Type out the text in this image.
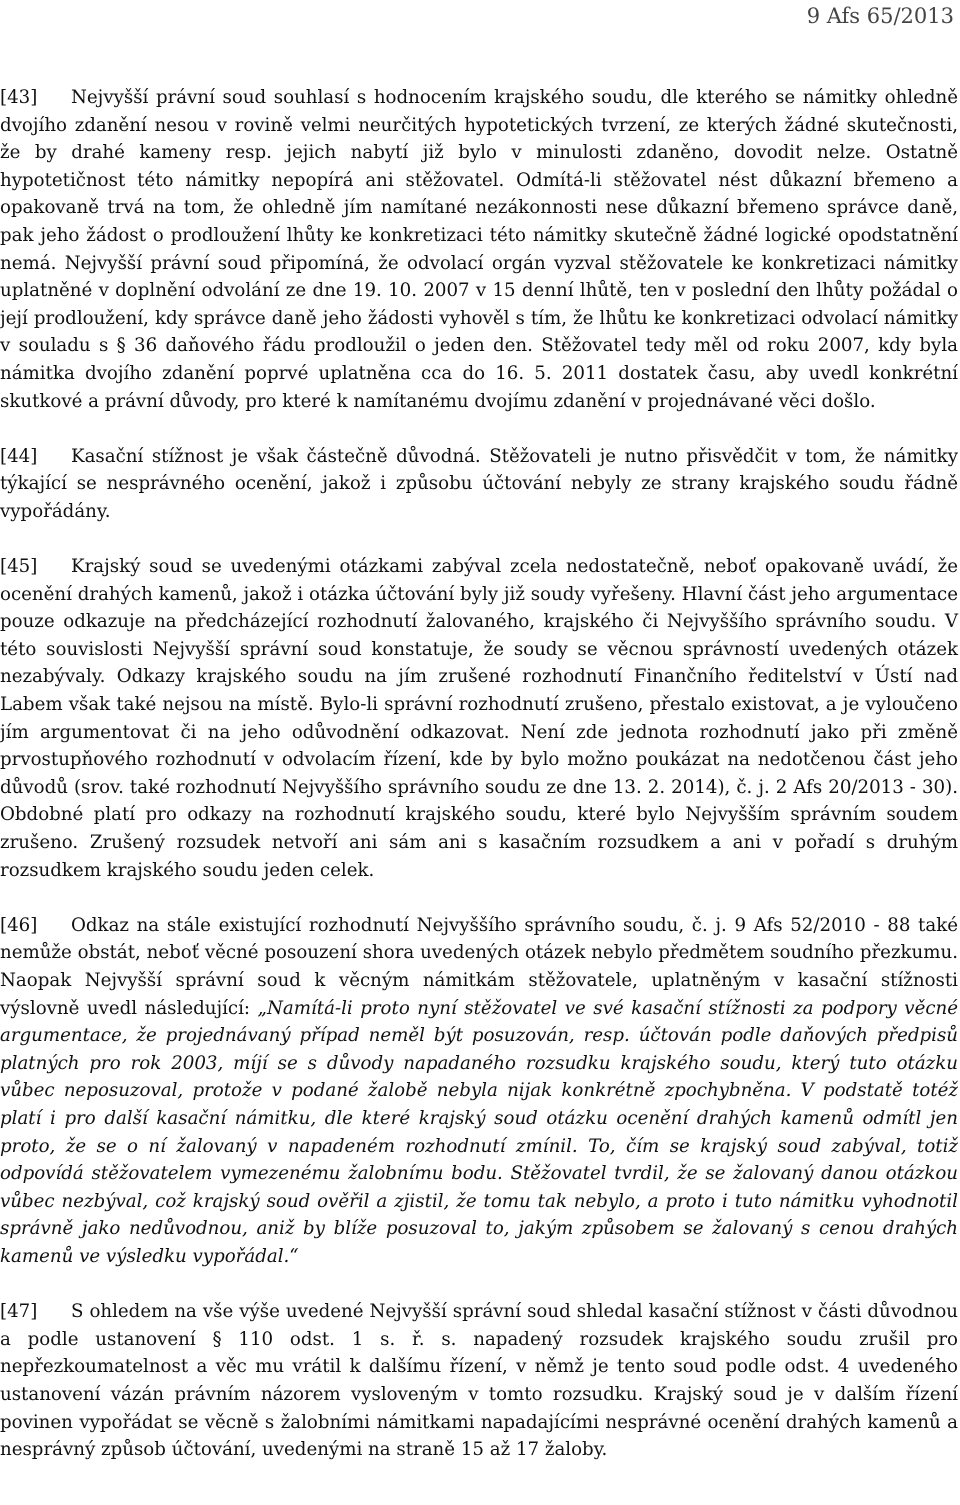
9 Afs 65/2013

[43] Nejvyšší právní soud souhlasí s hodnocením krajského soudu, dle kterého se námitky ohledně dvojího zdanění nesou v rovině velmi neurčitých hypotetických tvrzení, ze kterých žádné skutečnosti, že by drahé kameny resp. jejich nabytí již bylo v minulosti zdaněno, dovodit nelze. Ostatně hypotetičnost této námitky nepopírá ani stěžovatel. Odmítá-li stěžovatel nést důkazní břemeno a opakovaně trvá na tom, že ohledně jím namítané nezákonnosti nese důkazní břemeno správce daně, pak jeho žádost o prodloužení lhůty ke konkretizaci této námitky skutečně žádné logické opodstatnění nemá. Nejvyšší právní soud připomíná, že odvolací orgán vyzval stěžovatele ke konkretizaci námitky uplatněné v doplnění odvolání ze dne 19. 10. 2007 v 15 denní lhůtě, ten v poslední den lhůty požádal o její prodloužení, kdy správce daně jeho žádosti vyhověl s tím, že lhůtu ke konkretizaci odvolací námitky v souladu s § 36 daňového řádu prodloužil o jeden den. Stěžovatel tedy měl od roku 2007, kdy byla námitka dvojího zdanění poprvé uplatněna cca do 16. 5. 2011 dostatek času, aby uvedl konkrétní skutkové a právní důvody, pro které k namítanému dvojímu zdanění v projednávané věci došlo.

[44] Kasační stížnost je však částečně důvodná. Stěžovateli je nutno přisvědčit v tom, že námitky týkající se nesprávného ocenění, jakož i způsobu účtování nebyly ze strany krajského soudu řádně vypořádány.

[45] Krajský soud se uvedenými otázkami zabýval zcela nedostatečně, neboť opakovaně uvádí, že ocenění drahých kamenů, jakož i otázka účtování byly již soudy vyřešeny. Hlavní část jeho argumentace pouze odkazuje na předcházející rozhodnutí žalovaného, krajského či Nejvyššího správního soudu. V této souvislosti Nejvyšší správní soud konstatuje, že soudy se věcnou správností uvedených otázek nezabývaly. Odkazy krajského soudu na jím zrušené rozhodnutí Finančního ředitelství v Ústí nad Labem však také nejsou na místě. Bylo-li správní rozhodnutí zrušeno, přestalo existovat, a je vyloučeno jím argumentovat či na jeho odůvodnění odkazovat. Není zde jednota rozhodnutí jako při změně prvostupňového rozhodnutí v odvolacím řízení, kde by bylo možno poukázat na nedotčenou část jeho důvodů (srov. také rozhodnutí Nejvyššího správního soudu ze dne 13. 2. 2014), č. j. 2 Afs 20/2013 - 30). Obdobné platí pro odkazy na rozhodnutí krajského soudu, které bylo Nejvyšším správním soudem zrušeno. Zrušený rozsudek netvoří ani sám ani s kasačním rozsudkem a ani v pořadí s druhým rozsudkem krajského soudu jeden celek.

[46] Odkaz na stále existující rozhodnutí Nejvyššího správního soudu, č. j. 9 Afs 52/2010 - 88 také nemůže obstát, neboť věcné posouzení shora uvedených otázek nebylo předmětem soudního přezkumu. Naopak Nejvyšší správní soud k věcným námitkám stěžovatele, uplatněným v kasační stížnosti výslovně uvedl následující: „Namítá-li proto nyní stěžovatel ve své kasační stížnosti za podpory věcné argumentace, že projednávaný případ neměl být posuzován, resp. účtován podle daňových předpisů platných pro rok 2003, míjí se s důvody napadaného rozsudku krajského soudu, který tuto otázku vůbec neposuzoval, protože v podané žalobě nebyla nijak konkrétně zpochybněna. V podstatě totéž platí i pro další kasační námitku, dle které krajský soud otázku ocenění drahých kamenů odmítl jen proto, že se o ní žalovaný v napadeném rozhodnutí zmínil. To, čím se krajský soud zabýval, totiž odpovídá stěžovatelem vymezenému žalobnímu bodu. Stěžovatel tvrdil, že se žalovaný danou otázkou vůbec nezbýval, což krajský soud ověřil a zjistil, že tomu tak nebylo, a proto i tuto námitku vyhodnotil správně jako nedůvodnou, aniž by blíže posuzoval to, jakým způsobem se žalovaný s cenou drahých kamenů ve výsledku vypořádal.“

[47] S ohledem na vše výše uvedené Nejvyšší správní soud shledal kasační stížnost v části důvodnou a podle ustanovení § 110 odst. 1 s. ř. s. napadený rozsudek krajského soudu zrušil pro nepřezkoumatelnost a věc mu vrátil k dalšímu řízení, v němž je tento soud podle odst. 4 uvedeného ustanovení vázán právním názorem vysloveným v tomto rozsudku. Krajský soud je v dalším řízení povinen vypořádat se věcně s žalobními námitkami napadajícími nesprávné ocenění drahých kamenů a nesprávný způsob účtování, uvedenými na straně 15 až 17 žaloby.
